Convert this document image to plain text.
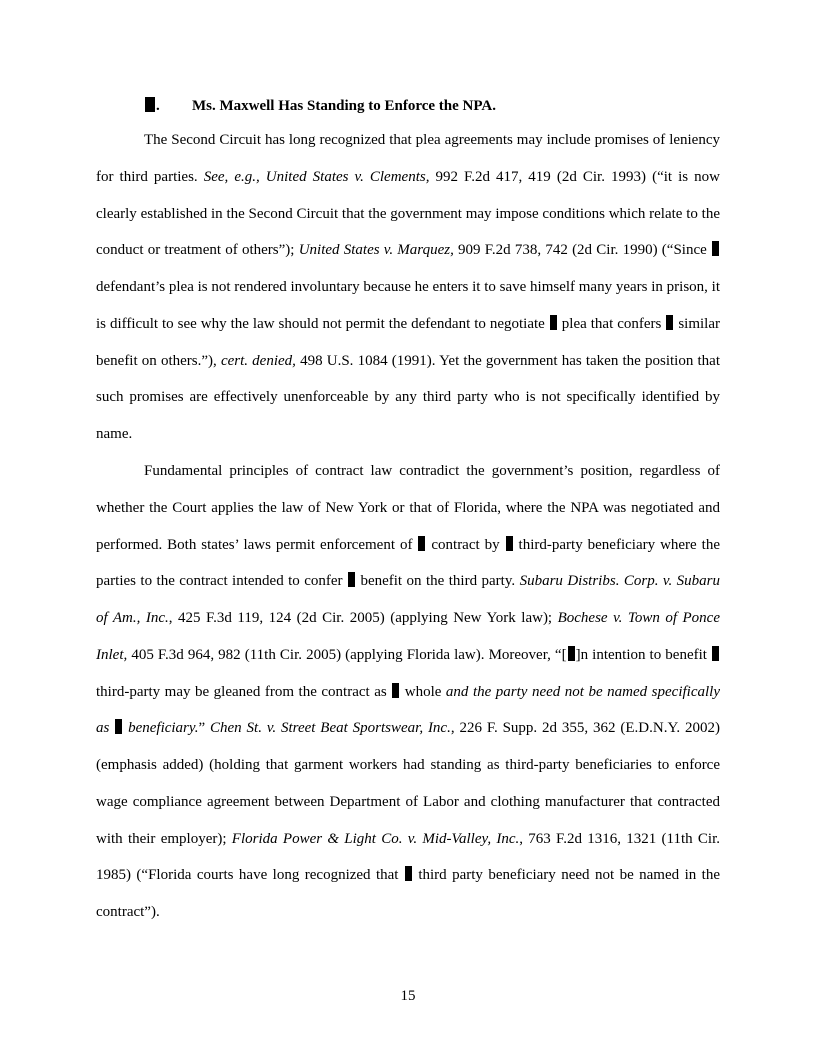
. Ms. Maxwell Has Standing to Enforce the NPA.

The Second Circuit has long recognized that plea agreements may include promises of leniency for third parties. See, e.g., United States v. Clements, 992 F.2d 417, 419 (2d Cir. 1993) (“it is now clearly established in the Second Circuit that the government may impose conditions which relate to the conduct or treatment of others”); United States v. Marquez, 909 F.2d 738, 742 (2d Cir. 1990) (“Since  defendant’s plea is not rendered involuntary because he enters it to save himself many years in prison, it is difficult to see why the law should not permit the defendant to negotiate  plea that confers  similar benefit on others.”), cert. denied, 498 U.S. 1084 (1991). Yet the government has taken the position that such promises are effectively unenforceable by any third party who is not specifically identified by name.

Fundamental principles of contract law contradict the government’s position, regardless of whether the Court applies the law of New York or that of Florida, where the NPA was negotiated and performed. Both states’ laws permit enforcement of  contract by  third-party beneficiary where the parties to the contract intended to confer  benefit on the third party. Subaru Distribs. Corp. v. Subaru of Am., Inc., 425 F.3d 119, 124 (2d Cir. 2005) (applying New York law); Bochese v. Town of Ponce Inlet, 405 F.3d 964, 982 (11th Cir. 2005) (applying Florida law). Moreover, “[ ]n intention to benefit  third-party may be gleaned from the contract as  whole and the party need not be named specifically as  beneficiary.” Chen St. v. Street Beat Sportswear, Inc., 226 F. Supp. 2d 355, 362 (E.D.N.Y. 2002) (emphasis added) (holding that garment workers had standing as third-party beneficiaries to enforce wage compliance agreement between Department of Labor and clothing manufacturer that contracted with their employer); Florida Power & Light Co. v. Mid-Valley, Inc., 763 F.2d 1316, 1321 (11th Cir. 1985) (“Florida courts have long recognized that  third party beneficiary need not be named in the contract”).

15
